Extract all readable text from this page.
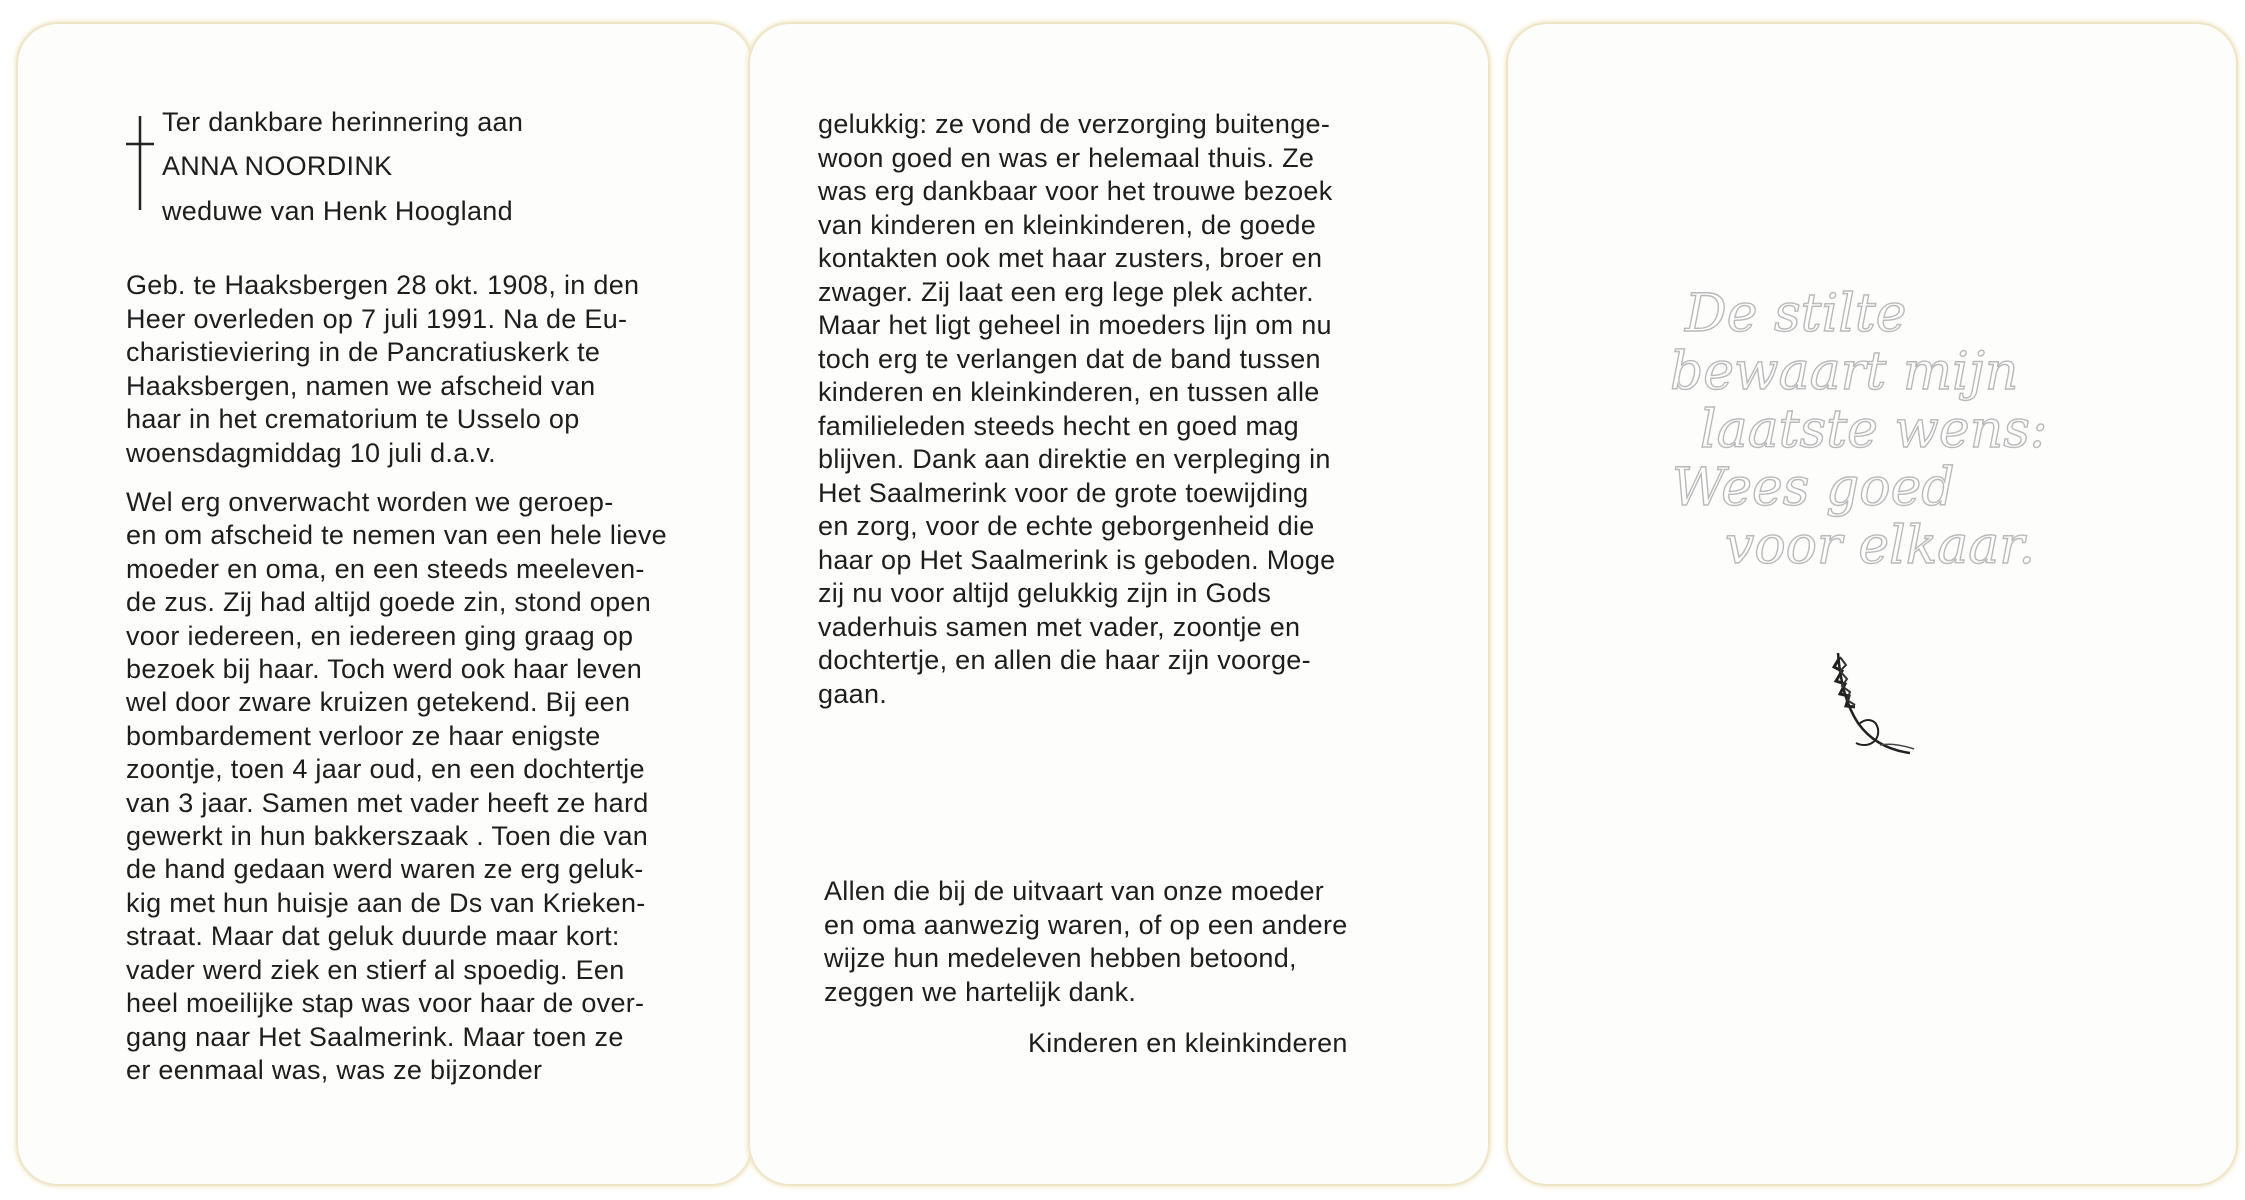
Ter dankbare herinnering aan
ANNA NOORDINK
weduwe van Henk Hoogland
Geb. te Haaksbergen 28 okt. 1908, in den
Heer overleden op 7 juli 1991. Na de Eu-
charistieviering in de Pancratiuskerk te
Haaksbergen, namen we afscheid van
haar in het crematorium te Usselo op
woensdagmiddag 10 juli d.a.v.
Wel erg onverwacht worden we geroep-
en om afscheid te nemen van een hele lieve
moeder en oma, en een steeds meeleven-
de zus. Zij had altijd goede zin, stond open
voor iedereen, en iedereen ging graag op
bezoek bij haar. Toch werd ook haar leven
wel door zware kruizen getekend. Bij een
bombardement verloor ze haar enigste
zoontje, toen 4 jaar oud, en een dochtertje
van 3 jaar. Samen met vader heeft ze hard
gewerkt in hun bakkerszaak . Toen die van
de hand gedaan werd waren ze erg geluk-
kig met hun huisje aan de Ds van Krieken-
straat. Maar dat geluk duurde maar kort:
vader werd ziek en stierf al spoedig. Een
heel moeilijke stap was voor haar de over-
gang naar Het Saalmerink. Maar toen ze
er eenmaal was, was ze bijzonder
gelukkig: ze vond de verzorging buitenge-
woon goed en was er helemaal thuis. Ze
was erg dankbaar voor het trouwe bezoek
van kinderen en kleinkinderen, de goede
kontakten ook met haar zusters, broer en
zwager. Zij laat een erg lege plek achter.
Maar het ligt geheel in moeders lijn om nu
toch erg te verlangen dat de band tussen
kinderen en kleinkinderen, en tussen alle
familieleden steeds hecht en goed mag
blijven. Dank aan direktie en verpleging in
Het Saalmerink voor de grote toewijding
en zorg, voor de echte geborgenheid die
haar op Het Saalmerink is geboden. Moge
zij nu voor altijd gelukkig zijn in Gods
vaderhuis samen met vader, zoontje en
dochtertje, en allen die haar zijn voorge-
gaan.
Allen die bij de uitvaart van onze moeder
en oma aanwezig waren, of op een andere
wijze hun medeleven hebben betoond,
zeggen we hartelijk dank.
Kinderen en kleinkinderen
De stilte
bewaart mijn
laatste wens:
Wees goed
voor elkaar.
